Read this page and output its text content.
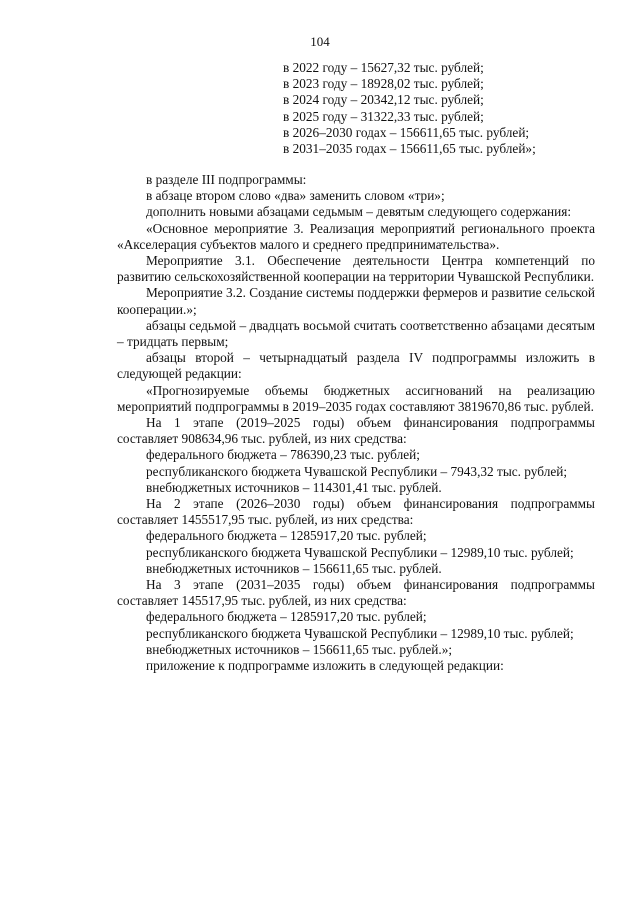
104
в 2022 году – 15627,32 тыс. рублей;
в 2023 году – 18928,02 тыс. рублей;
в 2024 году – 20342,12 тыс. рублей;
в 2025 году – 31322,33 тыс. рублей;
в 2026–2030 годах – 156611,65 тыс. рублей;
в 2031–2035 годах – 156611,65 тыс. рублей»;

в разделе III подпрограммы:

в абзаце втором слово «два» заменить словом «три»;

дополнить новыми абзацами седьмым – девятым следующего содержания:

«Основное мероприятие 3. Реализация мероприятий регионального проекта «Акселерация субъектов малого и среднего предпринимательства».

Мероприятие 3.1. Обеспечение деятельности Центра компетенций по развитию сельскохозяйственной кооперации на территории Чувашской Республики.

Мероприятие 3.2. Создание системы поддержки фермеров и развитие сельской кооперации.»;

абзацы седьмой – двадцать восьмой считать соответственно абзацами десятым – тридцать первым;

абзацы второй – четырнадцатый раздела IV подпрограммы изложить в следующей редакции:

«Прогнозируемые объемы бюджетных ассигнований на реализацию мероприятий подпрограммы в 2019–2035 годах составляют 3819670,86 тыс. рублей.

На 1 этапе (2019–2025 годы) объем финансирования подпрограммы составляет 908634,96 тыс. рублей, из них средства:

федерального бюджета – 786390,23 тыс. рублей;

республиканского бюджета Чувашской Республики – 7943,32 тыс. рублей;

внебюджетных источников – 114301,41 тыс. рублей.

На 2 этапе (2026–2030 годы) объем финансирования подпрограммы составляет 1455517,95 тыс. рублей, из них средства:

федерального бюджета – 1285917,20 тыс. рублей;

республиканского бюджета Чувашской Республики – 12989,10 тыс. рублей;

внебюджетных источников – 156611,65 тыс. рублей.

На 3 этапе (2031–2035 годы) объем финансирования подпрограммы составляет 145517,95 тыс. рублей, из них средства:

федерального бюджета – 1285917,20 тыс. рублей;

республиканского бюджета Чувашской Республики – 12989,10 тыс. рублей;

внебюджетных источников – 156611,65 тыс. рублей.»;

приложение к подпрограмме изложить в следующей редакции:
